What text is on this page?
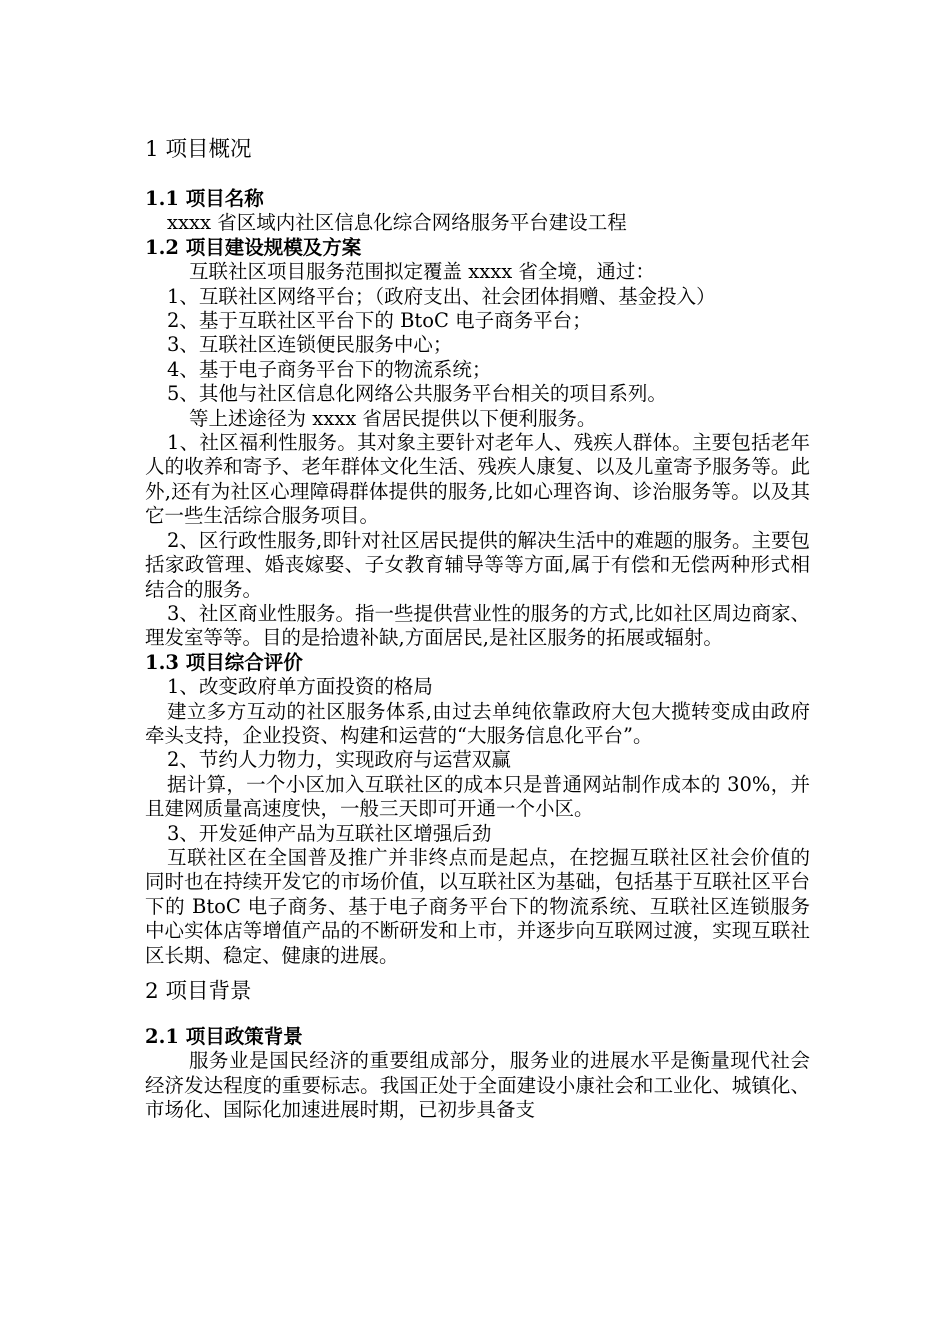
1 项目概况

1.1 项目名称

xxxx 省区域内社区信息化综合网络服务平台建设工程

1.2 项目建设规模及方案

互联社区项目服务范围拟定覆盖 xxxx 省全境，通过：

1、互联社区网络平台；（政府支出、社会团体捐赠、基金投入）

2、基于互联社区平台下的 BtoC 电子商务平台；

3、互联社区连锁便民服务中心；

4、基于电子商务平台下的物流系统；

5、其他与社区信息化网络公共服务平台相关的项目系列。

等上述途径为 xxxx 省居民提供以下便利服务。

1、社区福利性服务。其对象主要针对老年人、残疾人群体。主要包括老年人的收养和寄予、老年群体文化生活、残疾人康复、以及儿童寄予服务等。此外,还有为社区心理障碍群体提供的服务,比如心理咨询、诊治服务等。以及其它一些生活综合服务项目。

2、区行政性服务,即针对社区居民提供的解决生活中的难题的服务。主要包括家政管理、婚丧嫁娶、子女教育辅导等等方面,属于有偿和无偿两种形式相结合的服务。

3、社区商业性服务。指一些提供营业性的服务的方式,比如社区周边商家、理发室等等。目的是拾遗补缺,方面居民,是社区服务的拓展或辐射。

1.3 项目综合评价

1、改变政府单方面投资的格局

建立多方互动的社区服务体系,由过去单纯依靠政府大包大揽转变成由政府牵头支持，企业投资、构建和运营的“大服务信息化平台”。

2、节约人力物力，实现政府与运营双赢

据计算，一个小区加入互联社区的成本只是普通网站制作成本的 30%，并且建网质量高速度快，一般三天即可开通一个小区。

3、开发延伸产品为互联社区增强后劲

互联社区在全国普及推广并非终点而是起点，在挖掘互联社区社会价值的同时也在持续开发它的市场价值，以互联社区为基础，包括基于互联社区平台下的 BtoC 电子商务、基于电子商务平台下的物流系统、互联社区连锁服务中心实体店等增值产品的不断研发和上市，并逐步向互联网过渡，实现互联社区长期、稳定、健康的进展。

2 项目背景

2.1 项目政策背景

服务业是国民经济的重要组成部分，服务业的进展水平是衡量现代社会经济发达程度的重要标志。我国正处于全面建设小康社会和工业化、城镇化、市场化、国际化加速进展时期，已初步具备支
